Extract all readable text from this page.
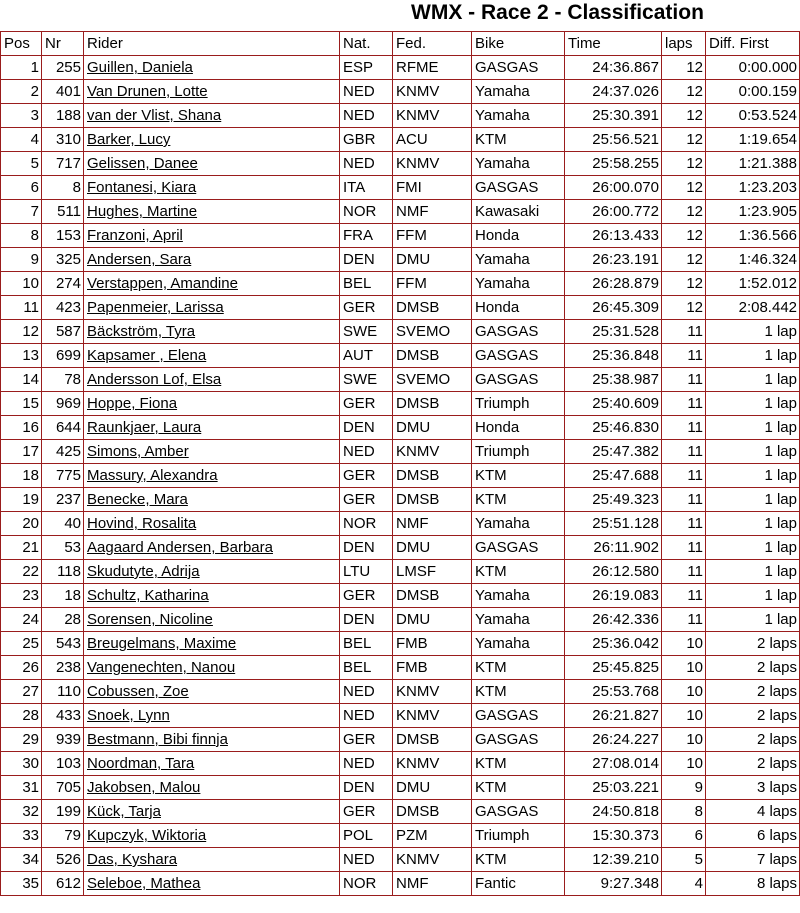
WMX - Race 2 - Classification
Pos	Nr	Rider	Nat.	Fed.	Bike	Time	laps	Diff. First
1	255	Guillen, Daniela	ESP	RFME	GASGAS	24:36.867	12	0:00.000
2	401	Van Drunen, Lotte	NED	KNMV	Yamaha	24:37.026	12	0:00.159
3	188	van der Vlist, Shana	NED	KNMV	Yamaha	25:30.391	12	0:53.524
4	310	Barker, Lucy	GBR	ACU	KTM	25:56.521	12	1:19.654
5	717	Gelissen, Danee	NED	KNMV	Yamaha	25:58.255	12	1:21.388
6	8	Fontanesi, Kiara	ITA	FMI	GASGAS	26:00.070	12	1:23.203
7	511	Hughes, Martine	NOR	NMF	Kawasaki	26:00.772	12	1:23.905
8	153	Franzoni, April	FRA	FFM	Honda	26:13.433	12	1:36.566
9	325	Andersen, Sara	DEN	DMU	Yamaha	26:23.191	12	1:46.324
10	274	Verstappen, Amandine	BEL	FFM	Yamaha	26:28.879	12	1:52.012
11	423	Papenmeier, Larissa	GER	DMSB	Honda	26:45.309	12	2:08.442
12	587	Bäckström, Tyra	SWE	SVEMO	GASGAS	25:31.528	11	1 lap
13	699	Kapsamer , Elena	AUT	DMSB	GASGAS	25:36.848	11	1 lap
14	78	Andersson Lof, Elsa	SWE	SVEMO	GASGAS	25:38.987	11	1 lap
15	969	Hoppe, Fiona	GER	DMSB	Triumph	25:40.609	11	1 lap
16	644	Raunkjaer, Laura	DEN	DMU	Honda	25:46.830	11	1 lap
17	425	Simons, Amber	NED	KNMV	Triumph	25:47.382	11	1 lap
18	775	Massury, Alexandra	GER	DMSB	KTM	25:47.688	11	1 lap
19	237	Benecke, Mara	GER	DMSB	KTM	25:49.323	11	1 lap
20	40	Hovind, Rosalita	NOR	NMF	Yamaha	25:51.128	11	1 lap
21	53	Aagaard Andersen, Barbara	DEN	DMU	GASGAS	26:11.902	11	1 lap
22	118	Skudutyte, Adrija	LTU	LMSF	KTM	26:12.580	11	1 lap
23	18	Schultz, Katharina	GER	DMSB	Yamaha	26:19.083	11	1 lap
24	28	Sorensen, Nicoline	DEN	DMU	Yamaha	26:42.336	11	1 lap
25	543	Breugelmans, Maxime	BEL	FMB	Yamaha	25:36.042	10	2 laps
26	238	Vangenechten, Nanou	BEL	FMB	KTM	25:45.825	10	2 laps
27	110	Cobussen, Zoe	NED	KNMV	KTM	25:53.768	10	2 laps
28	433	Snoek, Lynn	NED	KNMV	GASGAS	26:21.827	10	2 laps
29	939	Bestmann, Bibi finnja	GER	DMSB	GASGAS	26:24.227	10	2 laps
30	103	Noordman, Tara	NED	KNMV	KTM	27:08.014	10	2 laps
31	705	Jakobsen, Malou	DEN	DMU	KTM	25:03.221	9	3 laps
32	199	Kück, Tarja	GER	DMSB	GASGAS	24:50.818	8	4 laps
33	79	Kupczyk, Wiktoria	POL	PZM	Triumph	15:30.373	6	6 laps
34	526	Das, Kyshara	NED	KNMV	KTM	12:39.210	5	7 laps
35	612	Seleboe, Mathea	NOR	NMF	Fantic	9:27.348	4	8 laps
